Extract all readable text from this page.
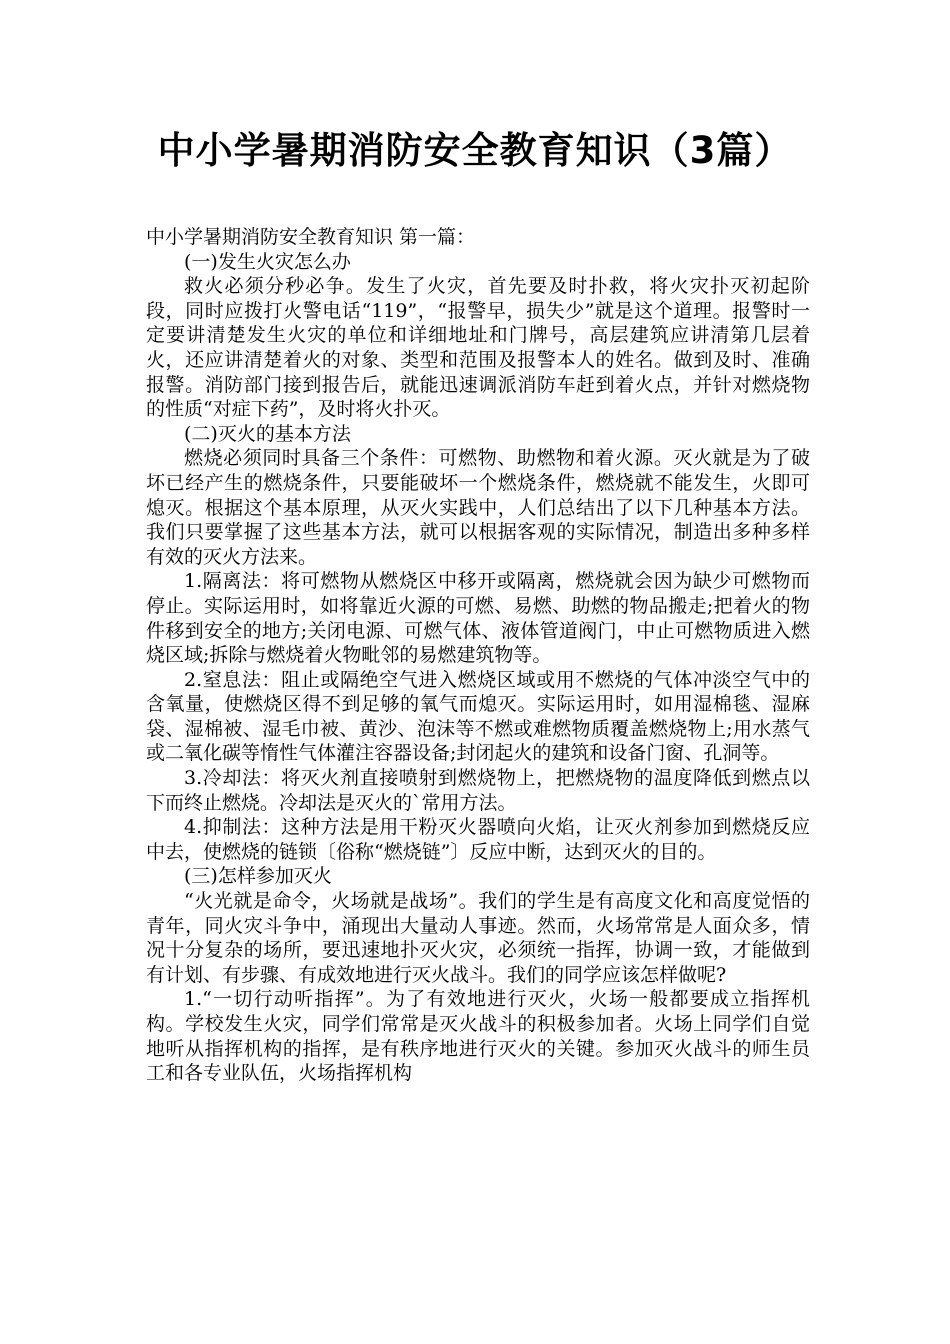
中小学暑期消防安全教育知识（3篇）

中小学暑期消防安全教育知识 第一篇：

(一)发生火灾怎么办

救火必须分秒必争。发生了火灾，首先要及时扑救，将火灾扑灭初起阶段，同时应拨打火警电话“119”，“报警早，损失少”就是这个道理。报警时一定要讲清楚发生火灾的单位和详细地址和门牌号，高层建筑应讲清第几层着火，还应讲清楚着火的对象、类型和范围及报警本人的姓名。做到及时、准确报警。消防部门接到报告后，就能迅速调派消防车赶到着火点，并针对燃烧物的性质“对症下药”，及时将火扑灭。

(二)灭火的基本方法

燃烧必须同时具备三个条件：可燃物、助燃物和着火源。灭火就是为了破坏已经产生的燃烧条件，只要能破坏一个燃烧条件，燃烧就不能发生，火即可熄灭。根据这个基本原理，从灭火实践中，人们总结出了以下几种基本方法。我们只要掌握了这些基本方法，就可以根据客观的实际情况，制造出多种多样有效的灭火方法来。

1.隔离法：将可燃物从燃烧区中移开或隔离，燃烧就会因为缺少可燃物而停止。实际运用时，如将靠近火源的可燃、易燃、助燃的物品搬走;把着火的物件移到安全的地方;关闭电源、可燃气体、液体管道阀门，中止可燃物质进入燃烧区域;拆除与燃烧着火物毗邻的易燃建筑物等。

2.窒息法：阻止或隔绝空气进入燃烧区域或用不燃烧的气体冲淡空气中的含氧量，使燃烧区得不到足够的氧气而熄灭。实际运用时，如用湿棉毯、湿麻袋、湿棉被、湿毛巾被、黄沙、泡沫等不燃或难燃物质覆盖燃烧物上;用水蒸气或二氧化碳等惰性气体灌注容器设备;封闭起火的建筑和设备门窗、孔洞等。

3.冷却法：将灭火剂直接喷射到燃烧物上，把燃烧物的温度降低到燃点以下而终止燃烧。冷却法是灭火的`常用方法。

4.抑制法：这种方法是用干粉灭火器喷向火焰，让灭火剂参加到燃烧反应中去，使燃烧的链锁〔俗称“燃烧链”〕反应中断，达到灭火的目的。

(三)怎样参加灭火

“火光就是命令，火场就是战场”。我们的学生是有高度文化和高度觉悟的青年，同火灾斗争中，涌现出大量动人事迹。然而，火场常常是人面众多，情况十分复杂的场所，要迅速地扑灭火灾，必须统一指挥，协调一致，才能做到有计划、有步骤、有成效地进行灭火战斗。我们的同学应该怎样做呢?

1.“一切行动听指挥”。为了有效地进行灭火，火场一般都要成立指挥机构。学校发生火灾，同学们常常是灭火战斗的积极参加者。火场上同学们自觉地听从指挥机构的指挥，是有秩序地进行灭火的关键。参加灭火战斗的师生员工和各专业队伍，火场指挥机构
